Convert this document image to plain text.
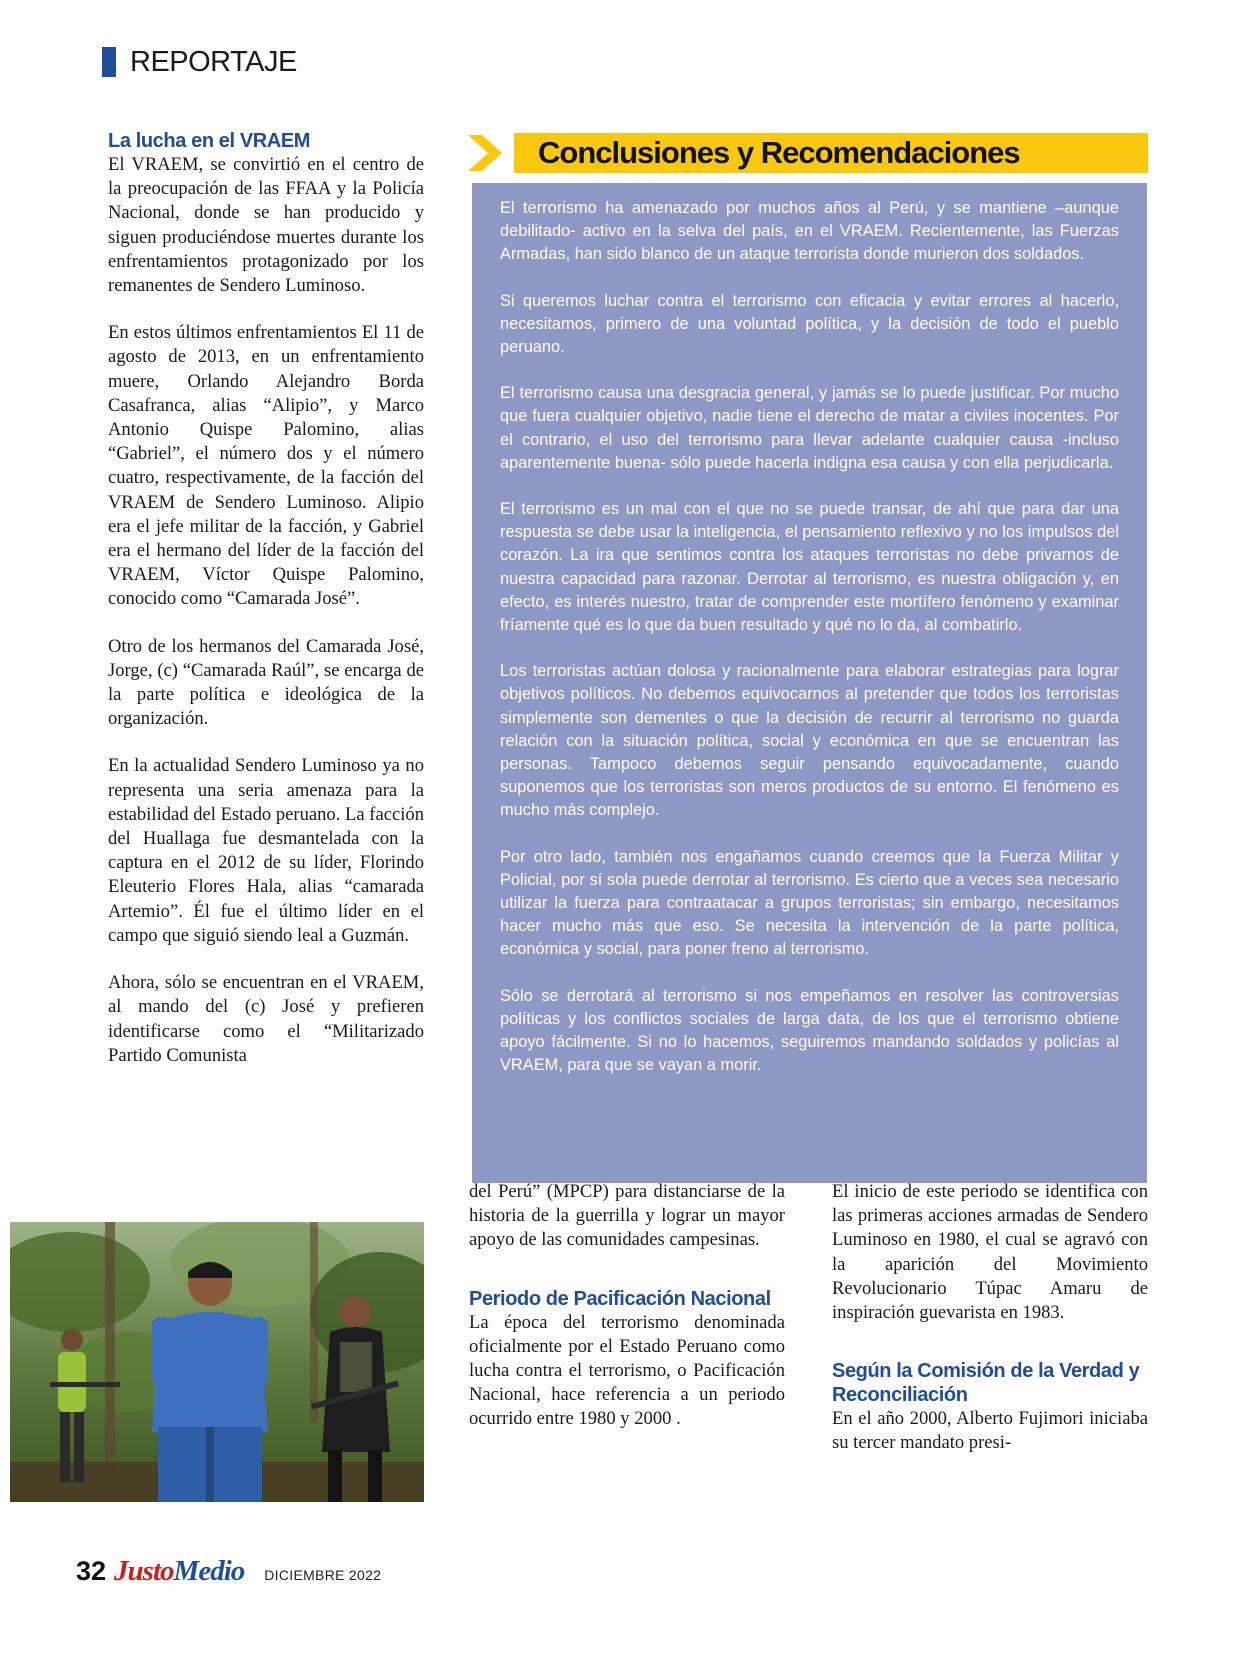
REPORTAJE
La lucha en el VRAEM

El VRAEM, se convirtió en el centro de la preocupación de las FFAA y la Policía Nacional, donde se han producido y siguen produciéndose muertes durante los enfrentamientos protagonizado por los remanentes de Sendero Luminoso.

En estos últimos enfrentamientos El 11 de agosto de 2013, en un enfrentamiento muere, Orlando Alejandro Borda Casafranca, alias “Alipio”, y Marco Antonio Quispe Palomino, alias “Gabriel”, el número dos y el número cuatro, respectivamente, de la facción del VRAEM de Sendero Luminoso. Alipio era el jefe militar de la facción, y Gabriel era el hermano del líder de la facción del VRAEM, Víctor Quispe Palomino, conocido como “Camarada José”.

Otro de los hermanos del Camarada José, Jorge, (c) “Camarada Raúl”, se encarga de la parte política e ideológica de la organización.

En la actualidad Sendero Luminoso ya no representa una seria amenaza para la estabilidad del Estado peruano. La facción del Huallaga fue desmantelada con la captura en el 2012 de su líder, Florindo Eleuterio Flores Hala, alias “camarada Artemio”. Él fue el último líder en el campo que siguió siendo leal a Guzmán.

Ahora, sólo se encuentran en el VRAEM, al mando del (c) José y prefieren identificarse como el “Militarizado Partido Comunista

Conclusiones y Recomendaciones

El terrorismo ha amenazado por muchos años al Perú, y se mantiene –aunque debilitado- activo en la selva del país, en el VRAEM. Recientemente, las Fuerzas Armadas, han sido blanco de un ataque terrorista donde murieron dos soldados.

Si queremos luchar contra el terrorismo con eficacia y evitar errores al hacerlo, necesitamos, primero de una voluntad política, y la decisión de todo el pueblo peruano.

El terrorismo causa una desgracia general, y jamás se lo puede justificar. Por mucho que fuera cualquier objetivo, nadie tiene el derecho de matar a civiles inocentes. Por el contrario, el uso del terrorismo para llevar adelante cualquier causa -incluso aparentemente buena- sólo puede hacerla indigna esa causa y con ella perjudicarla.

El terrorismo es un mal con el que no se puede transar, de ahí que para dar una respuesta se debe usar la inteligencia, el pensamiento reflexivo y no los impulsos del corazón. La ira que sentimos contra los ataques terroristas no debe privarnos de nuestra capacidad para razonar. Derrotar al terrorismo, es nuestra obligación y, en efecto, es interés nuestro, tratar de comprender este mortífero fenómeno y examinar fríamente qué es lo que da buen resultado y qué no lo da, al combatirlo.

Los terroristas actúan dolosa y racionalmente para elaborar estrategias para lograr objetivos políticos. No debemos equivocarnos al pretender que todos los terroristas simplemente son dementes o que la decisión de recurrir al terrorismo no guarda relación con la situación política, social y económica en que se encuentran las personas. Tampoco debemos seguir pensando equivocadamente, cuando suponemos que los terroristas son meros productos de su entorno. El fenómeno es mucho más complejo.

Por otro lado, también nos engañamos cuando creemos que la Fuerza Militar y Policial, por sí sola puede derrotar al terrorismo. Es cierto que a veces sea necesario utilizar la fuerza para contraatacar a grupos terroristas; sin embargo, necesitamos hacer mucho más que eso. Se necesita la intervención de la parte política, económica y social, para poner freno al terrorismo.

Sólo se derrotará al terrorismo si nos empeñamos en resolver las controversias políticas y los conflictos sociales de larga data, de los que el terrorismo obtiene apoyo fácilmente. Si no lo hacemos, seguiremos mandando soldados y policías al VRAEM, para que se vayan a morir.

del Perú” (MPCP) para distanciarse de la historia de la guerrilla y lograr un mayor apoyo de las comunidades campesinas.

Periodo de Pacificación Nacional

La época del terrorismo denominada oficialmente por el Estado Peruano como lucha contra el terrorismo, o Pacificación Nacional, hace referencia a un periodo ocurrido entre 1980 y 2000 .

El inicio de este periodo se identifica con las primeras acciones armadas de Sendero Luminoso en 1980, el cual se agravó con la aparición del Movimiento Revolucionario Túpac Amaru de inspiración guevarista en 1983.

Según la Comisión de la Verdad y Reconciliación

En el año 2000, Alberto Fujimori iniciaba su tercer mandato presi-

32 Justo Medio DICIEMBRE 2022
